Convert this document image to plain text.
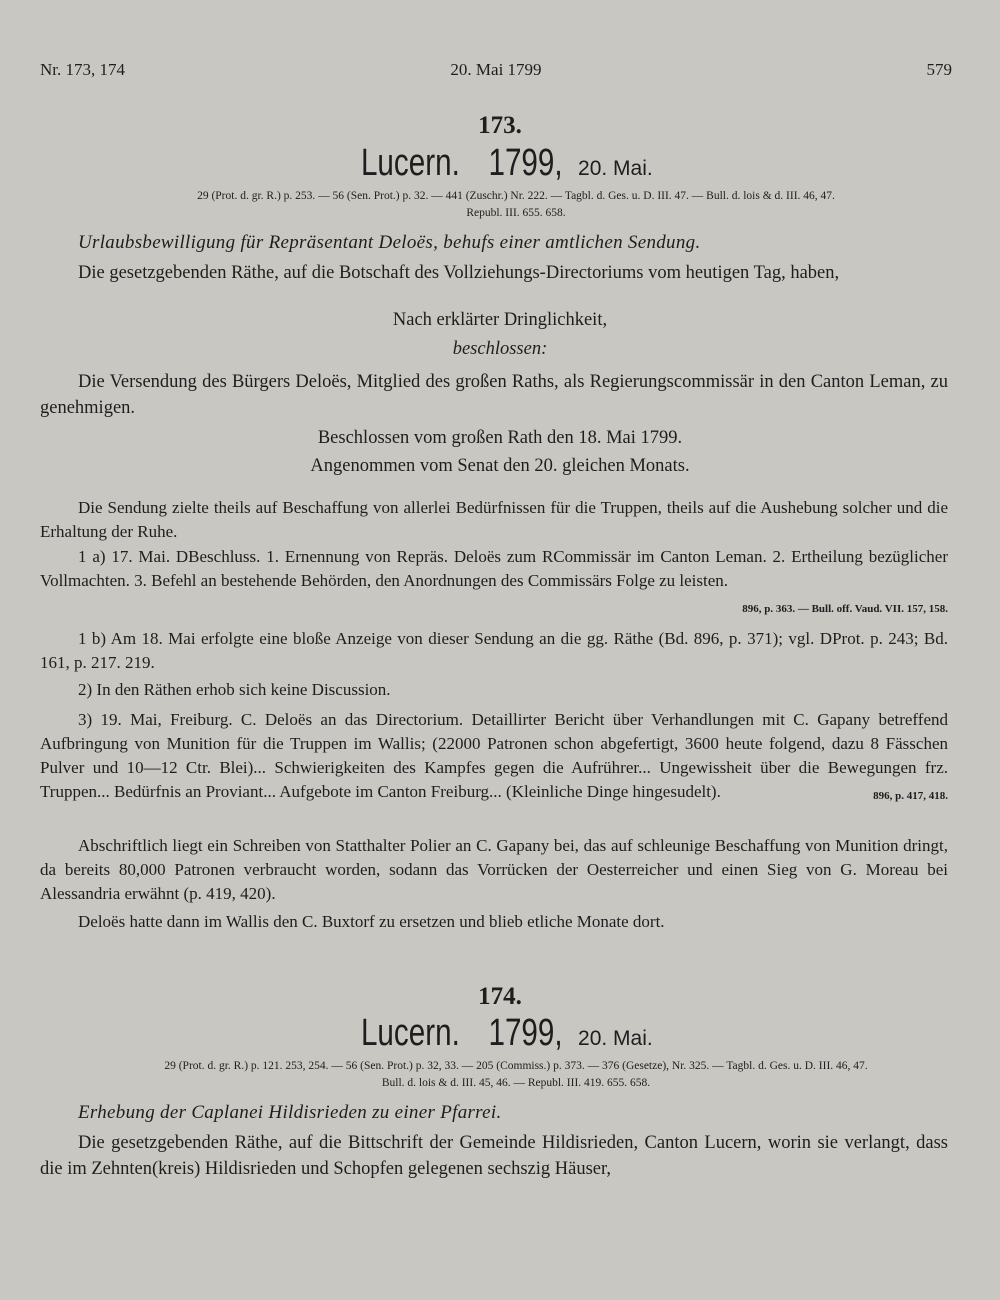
Nr. 173, 174	20. Mai 1799	579
173.
Lucern. 1799, 20. Mai.
29 (Prot. d. gr. R.) p. 253. — 56 (Sen. Prot.) p. 32. — 441 (Zuschr.) Nr. 222. — Tagbl. d. Ges. u. D. III. 47. — Bull. d. lois & d. III. 46, 47.
Republ. III. 655. 658.
Urlaubsbewilligung für Repräsentant Deloës, behufs einer amtlichen Sendung.
Die gesetzgebenden Räthe, auf die Botschaft des Vollziehungs-Directoriums vom heutigen Tag, haben,
Nach erklärter Dringlichkeit,
beschlossen:
Die Versendung des Bürgers Deloës, Mitglied des großen Raths, als Regierungscommissär in den Canton Leman, zu genehmigen.
Beschlossen vom großen Rath den 18. Mai 1799.
Angenommen vom Senat den 20. gleichen Monats.
Die Sendung zielte theils auf Beschaffung von allerlei Bedürfnissen für die Truppen, theils auf die Aushebung solcher und die Erhaltung der Ruhe.
1 a) 17. Mai. DBeschluss. 1. Ernennung von Repräs. Deloës zum RCommissär im Canton Leman. 2. Ertheilung bezüglicher Vollmachten. 3. Befehl an bestehende Behörden, den Anordnungen des Commissärs Folge zu leisten.
896, p. 363. — Bull. off. Vaud. VII. 157, 158.
1 b) Am 18. Mai erfolgte eine bloße Anzeige von dieser Sendung an die gg. Räthe (Bd. 896, p. 371); vgl. DProt. p. 243; Bd. 161, p. 217. 219.
2) In den Räthen erhob sich keine Discussion.
3) 19. Mai, Freiburg. C. Deloës an das Directorium. Detaillirter Bericht über Verhandlungen mit C. Gapany betreffend Aufbringung von Munition für die Truppen im Wallis; (22000 Patronen schon abgefertigt, 3600 heute folgend, dazu 8 Fässchen Pulver und 10—12 Ctr. Blei)... Schwierigkeiten des Kampfes gegen die Aufrührer... Ungewissheit über die Bewegungen frz. Truppen... Bedürfnis an Proviant... Aufgebote im Canton Freiburg... (Kleinliche Dinge hingesudelt).	896, p. 417, 418.
Abschriftlich liegt ein Schreiben von Statthalter Polier an C. Gapany bei, das auf schleunige Beschaffung von Munition dringt, da bereits 80,000 Patronen verbraucht worden, sodann das Vorrücken der Oesterreicher und einen Sieg von G. Moreau bei Alessandria erwähnt (p. 419, 420).
Deloës hatte dann im Wallis den C. Buxtorf zu ersetzen und blieb etliche Monate dort.
174.
Lucern. 1799, 20. Mai.
29 (Prot. d. gr. R.) p. 121. 253, 254. — 56 (Sen. Prot.) p. 32, 33. — 205 (Commiss.) p. 373. — 376 (Gesetze), Nr. 325. — Tagbl. d. Ges. u. D. III. 46, 47.
Bull. d. lois & d. III. 45, 46. — Republ. III. 419. 655. 658.
Erhebung der Caplanei Hildisrieden zu einer Pfarrei.
Die gesetzgebenden Räthe, auf die Bittschrift der Gemeinde Hildisrieden, Canton Lucern, worin sie verlangt, dass die im Zehnten(kreis) Hildisrieden und Schopfen gelegenen sechszig Häuser,
